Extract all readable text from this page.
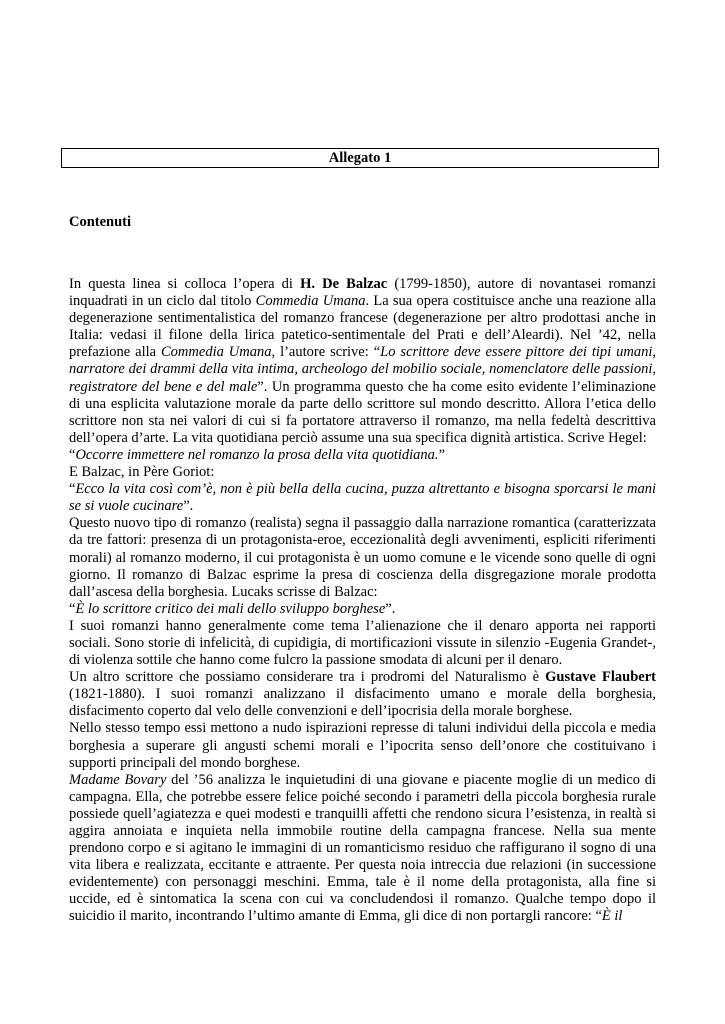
Allegato 1
Contenuti

In questa linea si colloca l’opera di H. De Balzac (1799-1850), autore di novantasei romanzi inquadrati in un ciclo dal titolo Commedia Umana. La sua opera costituisce anche una reazione alla degenerazione sentimentalistica del romanzo francese (degenerazione per altro prodottasi anche in Italia: vedasi il filone della lirica patetico-sentimentale del Prati e dell’Aleardi). Nel ’42, nella prefazione alla Commedia Umana, l’autore scrive: “Lo scrittore deve essere pittore dei tipi umani, narratore dei drammi della vita intima, archeologo del mobilio sociale, nomenclatore delle passioni, registratore del bene e del male”. Un programma questo che ha come esito evidente l’eliminazione di una esplicita valutazione morale da parte dello scrittore sul mondo descritto. Allora l’etica dello scrittore non sta nei valori di cui si fa portatore attraverso il romanzo, ma nella fedeltà descrittiva dell’opera d’arte. La vita quotidiana perciò assume una sua specifica dignità artistica. Scrive Hegel:

“Occorre immettere nel romanzo la prosa della vita quotidiana.”

E Balzac, in Père Goriot:

“Ecco la vita così com’è, non è più bella della cucina, puzza altrettanto e bisogna sporcarsi le mani se si vuole cucinare”.

Questo nuovo tipo di romanzo (realista) segna il passaggio dalla narrazione romantica (caratterizzata da tre fattori: presenza di un protagonista-eroe, eccezionalità degli avvenimenti, espliciti riferimenti morali) al romanzo moderno, il cui protagonista è un uomo comune e le vicende sono quelle di ogni giorno. Il romanzo di Balzac esprime la presa di coscienza della disgregazione morale prodotta dall’ascesa della borghesia. Lucaks scrisse di Balzac:

“È lo scrittore critico dei mali dello sviluppo borghese”.

I suoi romanzi hanno generalmente come tema l’alienazione che il denaro apporta nei rapporti sociali. Sono storie di infelicità, di cupidigia, di mortificazioni vissute in silenzio -Eugenia Grandet-, di violenza sottile che hanno come fulcro la passione smodata di alcuni per il denaro.

Un altro scrittore che possiamo considerare tra i prodromi del Naturalismo è Gustave Flaubert (1821-1880). I suoi romanzi analizzano il disfacimento umano e morale della borghesia, disfacimento coperto dal velo delle convenzioni e dell’ipocrisia della morale borghese.

Nello stesso tempo essi mettono a nudo ispirazioni represse di taluni individui della piccola e media borghesia a superare gli angusti schemi morali e l’ipocrita senso dell’onore che costituivano i supporti principali del mondo borghese.

Madame Bovary del ’56 analizza le inquietudini di una giovane e piacente moglie di un medico di campagna. Ella, che potrebbe essere felice poiché secondo i parametri della piccola borghesia rurale possiede quell’agiatezza e quei modesti e tranquilli affetti che rendono sicura l’esistenza, in realtà si aggira annoiata e inquieta nella immobile routine della campagna francese. Nella sua mente prendono corpo e si agitano le immagini di un romanticismo residuo che raffigurano il sogno di una vita libera e realizzata, eccitante e attraente. Per questa noia intreccia due relazioni (in successione evidentemente) con personaggi meschini. Emma, tale è il nome della protagonista, alla fine si uccide, ed è sintomatica la scena con cui va concludendosi il romanzo. Qualche tempo dopo il suicidio il marito, incontrando l’ultimo amante di Emma, gli dice di non portargli rancore: “È il
